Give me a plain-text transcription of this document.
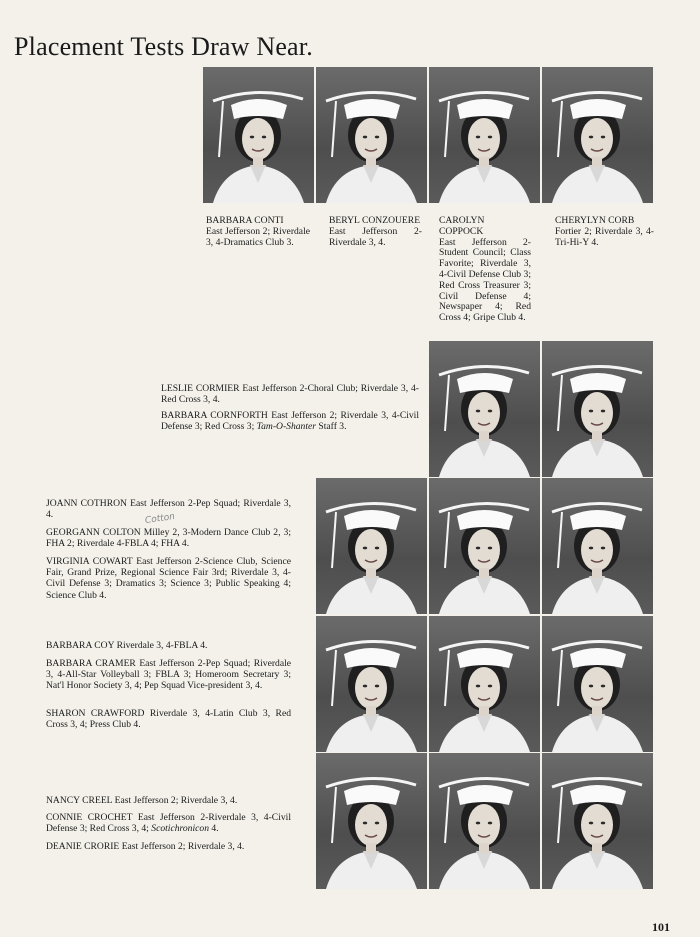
Placement Tests Draw Near.
BARBARA CONTI
East Jefferson 2; Riverdale 3, 4-Dramatics Club 3.
BERYL CONZOUERE
East Jefferson 2-Riverdale 3, 4.
CAROLYN COPPOCK
East Jefferson 2-Student Council; Class Favorite; Riverdale 3, 4-Civil Defense Club 3; Red Cross Treasurer 3; Civil Defense 4; Newspaper 4; Red Cross 4; Gripe Club 4.
CHERYLYN CORB
Fortier 2; Riverdale 3, 4-Tri-Hi-Y 4.
LESLIE CORMIER East Jefferson 2-Choral Club; Riverdale 3, 4-Red Cross 3, 4.
BARBARA CORNFORTH East Jefferson 2; Riverdale 3, 4-Civil Defense 3; Red Cross 3; Tam-O-Shanter Staff 3.
JOANN COTHRON East Jefferson 2-Pep Squad; Riverdale 3, 4.
GEORGANN COLTON Milley 2, 3-Modern Dance Club 2, 3; FHA 2; Riverdale 4-FBLA 4; FHA 4.
Cotton
VIRGINIA COWART East Jefferson 2-Science Club, Science Fair, Grand Prize, Regional Science Fair 3rd; Riverdale 3, 4-Civil Defense 3; Dramatics 3; Science 3; Public Speaking 4; Science Club 4.
BARBARA COY Riverdale 3, 4-FBLA 4.
BARBARA CRAMER East Jefferson 2-Pep Squad; Riverdale 3, 4-All-Star Volleyball 3; FBLA 3; Homeroom Secretary 3; Nat'l Honor Society 3, 4; Pep Squad Vice-president 3, 4.
SHARON CRAWFORD Riverdale 3, 4-Latin Club 3, Red Cross 3, 4; Press Club 4.
NANCY CREEL East Jefferson 2; Riverdale 3, 4.
CONNIE CROCHET East Jefferson 2-Riverdale 3, 4-Civil Defense 3; Red Cross 3, 4; Scotichronicon 4.
DEANIE CRORIE East Jefferson 2; Riverdale 3, 4.
101
